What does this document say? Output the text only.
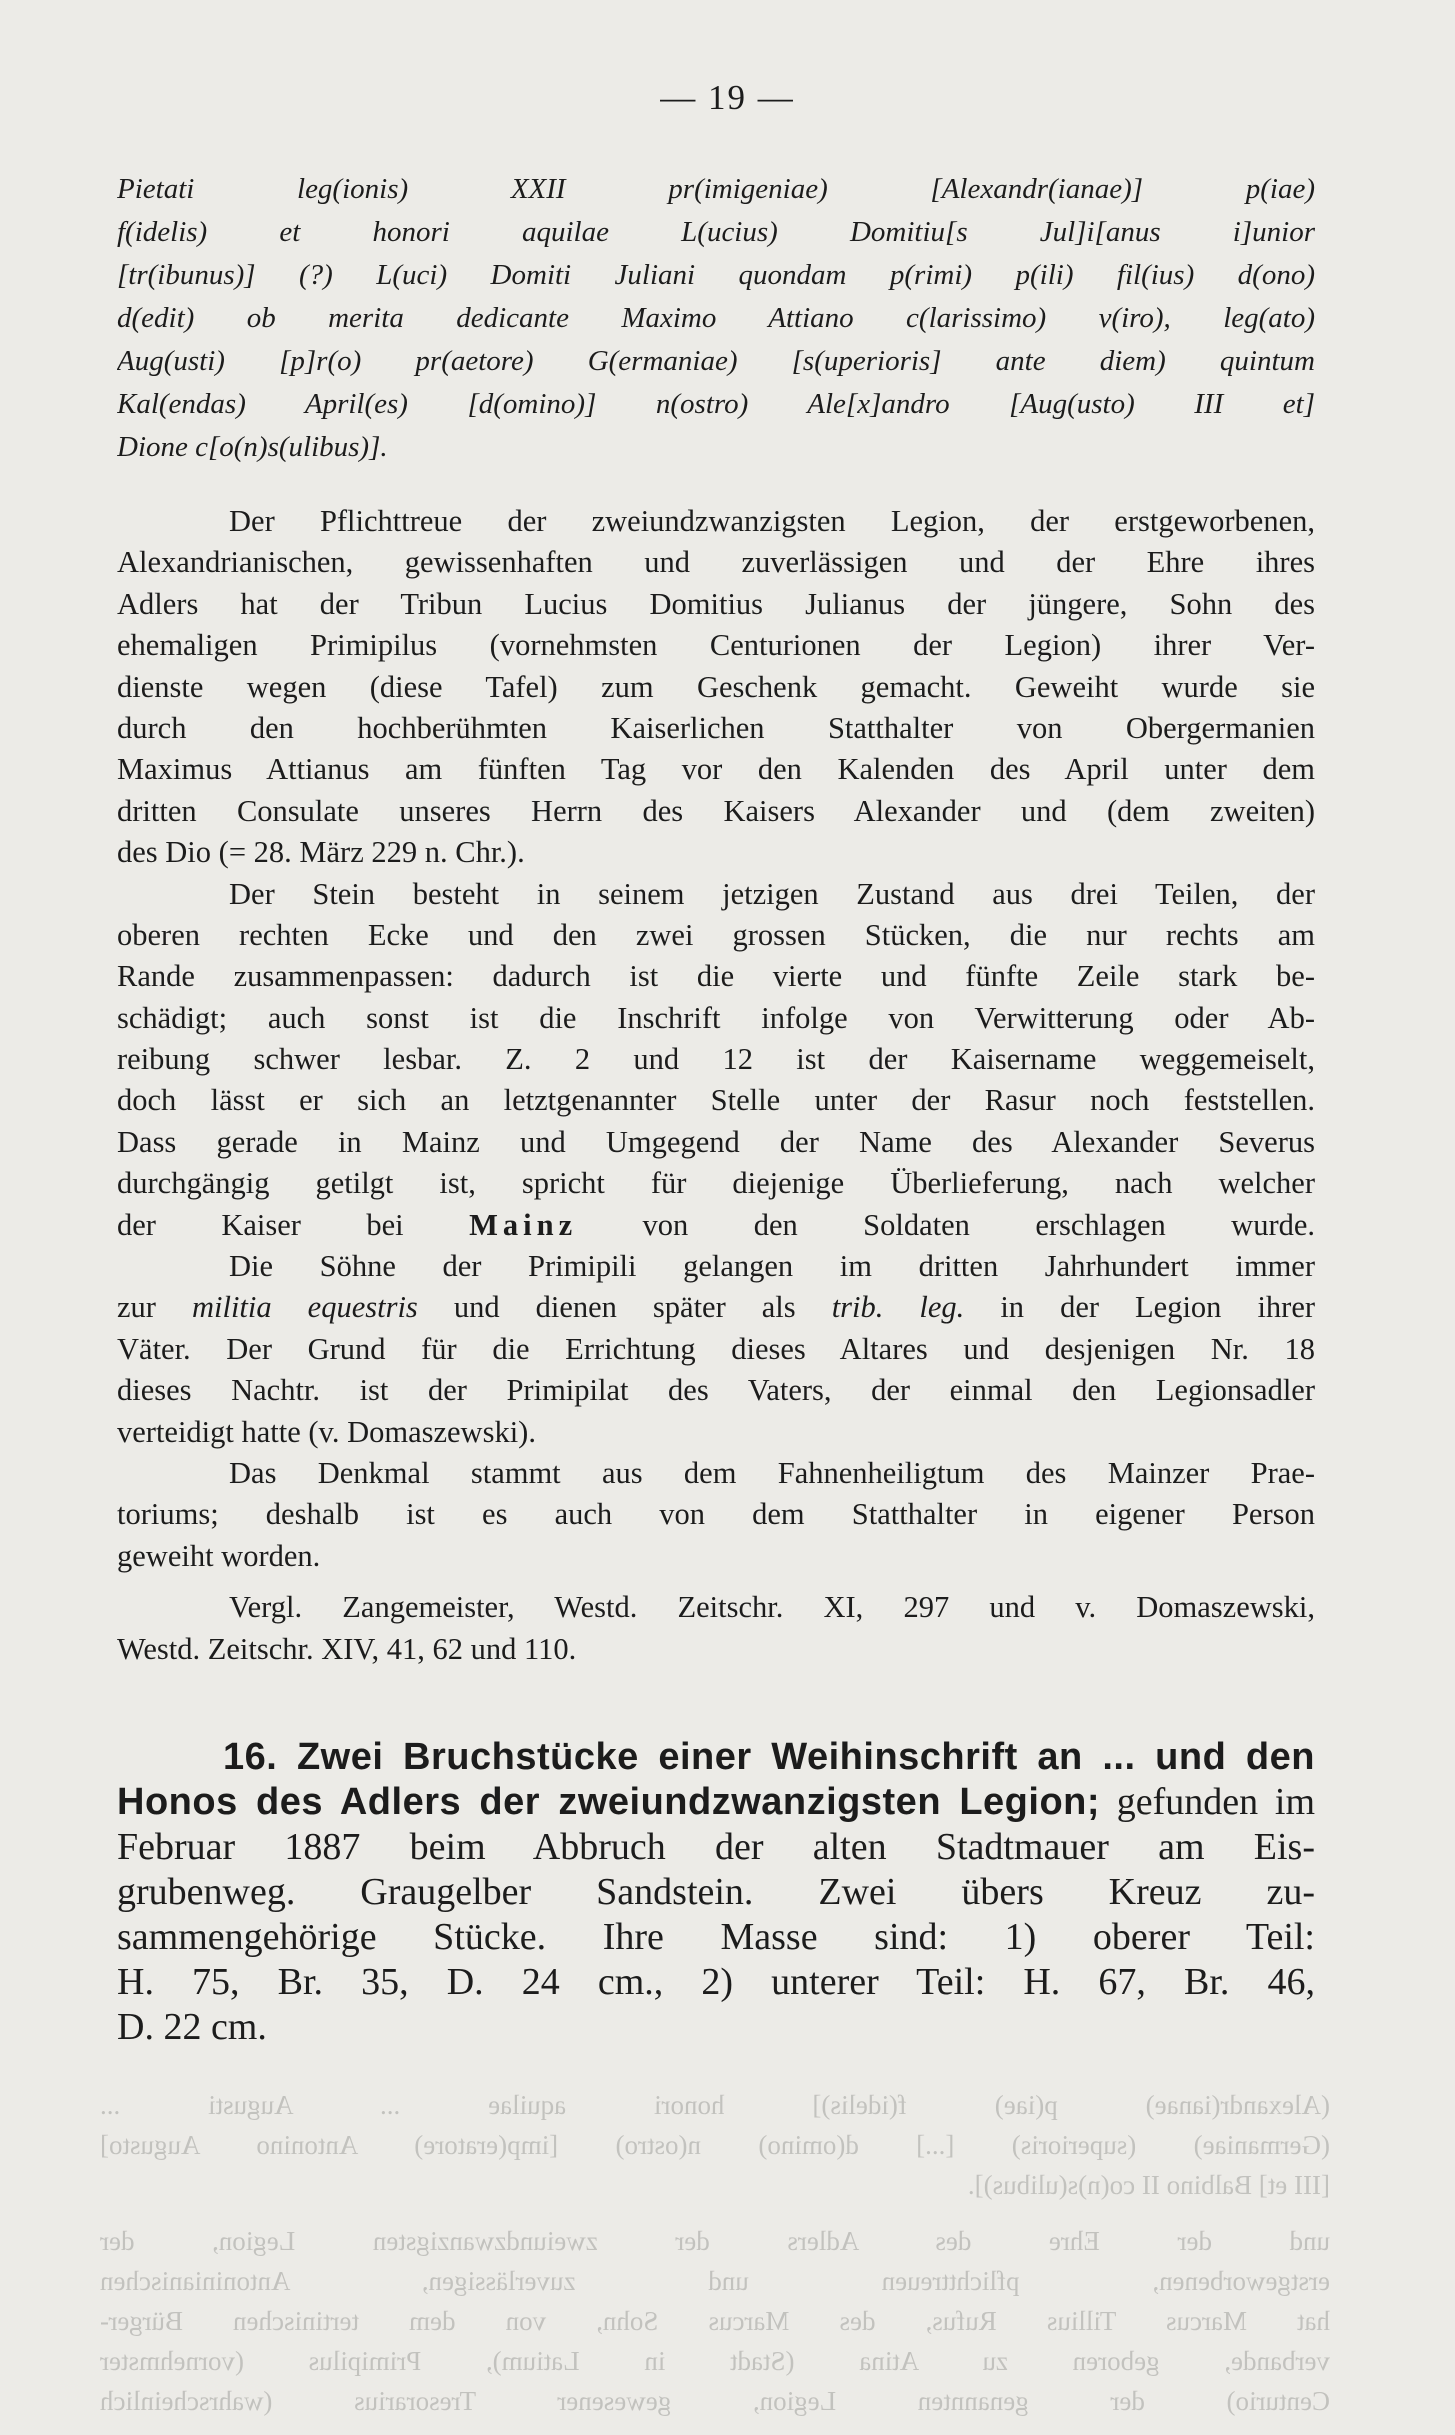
— 19 —
Pietati leg(ionis) XXII pr(imigeniae) [Alexandr(ianae)] p(iae)
f(idelis) et honori aquilae L(ucius) Domitiu[s Jul]i[anus i]unior
[tr(ibunus)] (?) L(uci) Domiti Juliani quondam p(rimi) p(ili) fil(ius) d(ono)
d(edit) ob merita dedicante Maximo Attiano c(larissimo) v(iro), leg(ato)
Aug(usti) [p]r(o) pr(aetore) G(ermaniae) [s(uperioris] ante diem) quintum
Kal(endas) April(es) [d(omino)] n(ostro) Ale[x]andro [Aug(usto) III et]
Dione c[o(n)s(ulibus)].
Der Pflichttreue der zweiundzwanzigsten Legion, der erstgeworbenen,
Alexandrianischen, gewissenhaften und zuverlässigen und der Ehre ihres
Adlers hat der Tribun Lucius Domitius Julianus der jüngere, Sohn des
ehemaligen Primipilus (vornehmsten Centurionen der Legion) ihrer Ver-
dienste wegen (diese Tafel) zum Geschenk gemacht. Geweiht wurde sie
durch den hochberühmten Kaiserlichen Statthalter von Obergermanien
Maximus Attianus am fünften Tag vor den Kalenden des April unter dem
dritten Consulate unseres Herrn des Kaisers Alexander und (dem zweiten)
des Dio (= 28. März 229 n. Chr.).
Der Stein besteht in seinem jetzigen Zustand aus drei Teilen, der
oberen rechten Ecke und den zwei grossen Stücken, die nur rechts am
Rande zusammenpassen: dadurch ist die vierte und fünfte Zeile stark be-
schädigt; auch sonst ist die Inschrift infolge von Verwitterung oder Ab-
reibung schwer lesbar. Z. 2 und 12 ist der Kaisername weggemeiselt,
doch lässt er sich an letztgenannter Stelle unter der Rasur noch feststellen.
Dass gerade in Mainz und Umgegend der Name des Alexander Severus
durchgängig getilgt ist, spricht für diejenige Überlieferung, nach welcher
der Kaiser bei Mainz von den Soldaten erschlagen wurde.
Die Söhne der Primipili gelangen im dritten Jahrhundert immer
zur militia equestris und dienen später als trib. leg. in der Legion ihrer
Väter. Der Grund für die Errichtung dieses Altares und desjenigen Nr. 18
dieses Nachtr. ist der Primipilat des Vaters, der einmal den Legionsadler
verteidigt hatte (v. Domaszewski).
Das Denkmal stammt aus dem Fahnenheiligtum des Mainzer Prae-
toriums; deshalb ist es auch von dem Statthalter in eigener Person
geweiht worden.
Vergl. Zangemeister, Westd. Zeitschr. XI, 297 und v. Domaszewski,
Westd. Zeitschr. XIV, 41, 62 und 110.
16. Zwei Bruchstücke einer Weihinschrift an ... und den
Honos des Adlers der zweiundzwanzigsten Legion; gefunden im
Februar 1887 beim Abbruch der alten Stadtmauer am Eis-
grubenweg. Graugelber Sandstein. Zwei übers Kreuz zu-
sammengehörige Stücke. Ihre Masse sind: 1) oberer Teil:
H. 75, Br. 35, D. 24 cm., 2) unterer Teil: H. 67, Br. 46,
D. 22 cm.
(Alexandr(ianae) p(iae) f(idelis)] honori aquilae ... Augusti ...
(Germaniae) (superioris) [...] d(omino) n(ostro) [imp(eratore) Antonino Augusto]
[III et] Balbino II co(n)s(ulibus)].
und der Ehre des Adlers der zweiundzwanzigsten Legion, der
erstgeworbenen, pflichttreuen und zuverlässigen, Antoninianischen
hat Marcus Tillius Rufus, des Marcus Sohn, von dem tertinischen Bürger-
verbande, geboren zu Atina (Stadt in Latium), Primipilus (vornehmster
Centurio) der genannten Legion, gewesener Tresorarius (wahrscheinlich
